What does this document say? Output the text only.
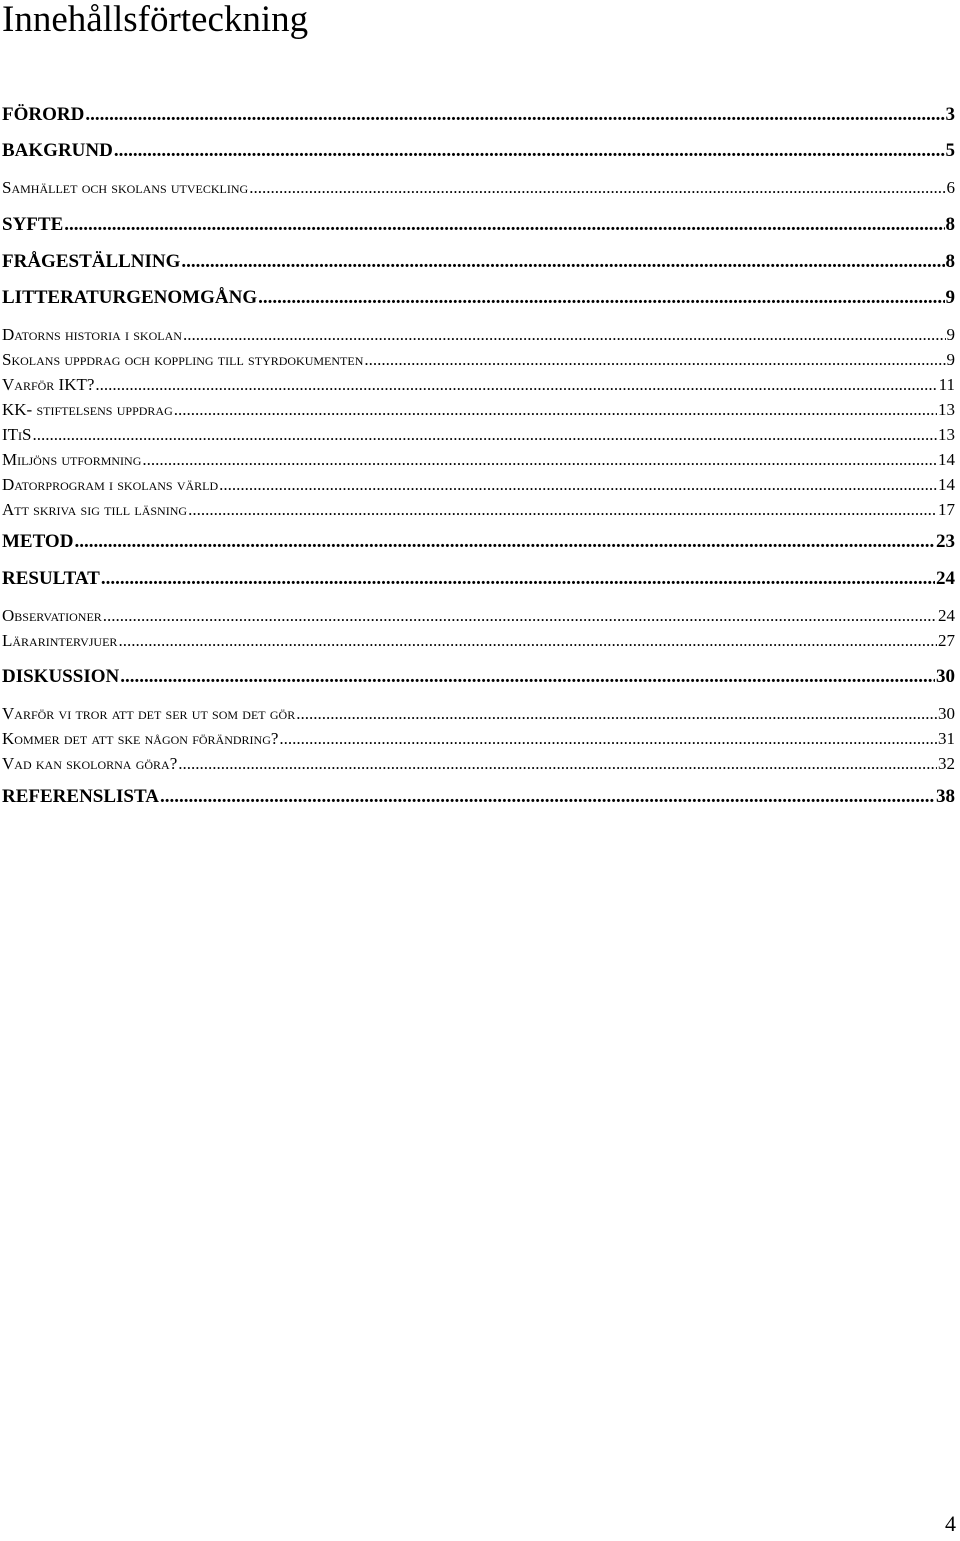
Innehållsförteckning
FÖRORD .....	3
BAKGRUND .....	5
Samhället och skolans utveckling .....	6
SYFTE .....	8
FRÅGESTÄLLNING .....	8
LITTERATURGENOMGÅNG .....	9
Datorns historia i skolan .....	9
Skolans uppdrag och koppling till styrdokumenten .....	9
Varför IKT? .....	11
KK- stiftelsens uppdrag .....	13
ITiS .....	13
Miljöns utformning .....	14
Datorprogram i skolans värld .....	14
Att skriva sig till läsning .....	17
METOD .....	23
RESULTAT .....	24
Observationer .....	24
Lärarintervjuer .....	27
DISKUSSION .....	30
Varför vi tror att det ser ut som det gör .....	30
Kommer det att ske någon förändring? .....	31
Vad kan skolorna göra? .....	32
REFERENSLISTA .....	38
4
